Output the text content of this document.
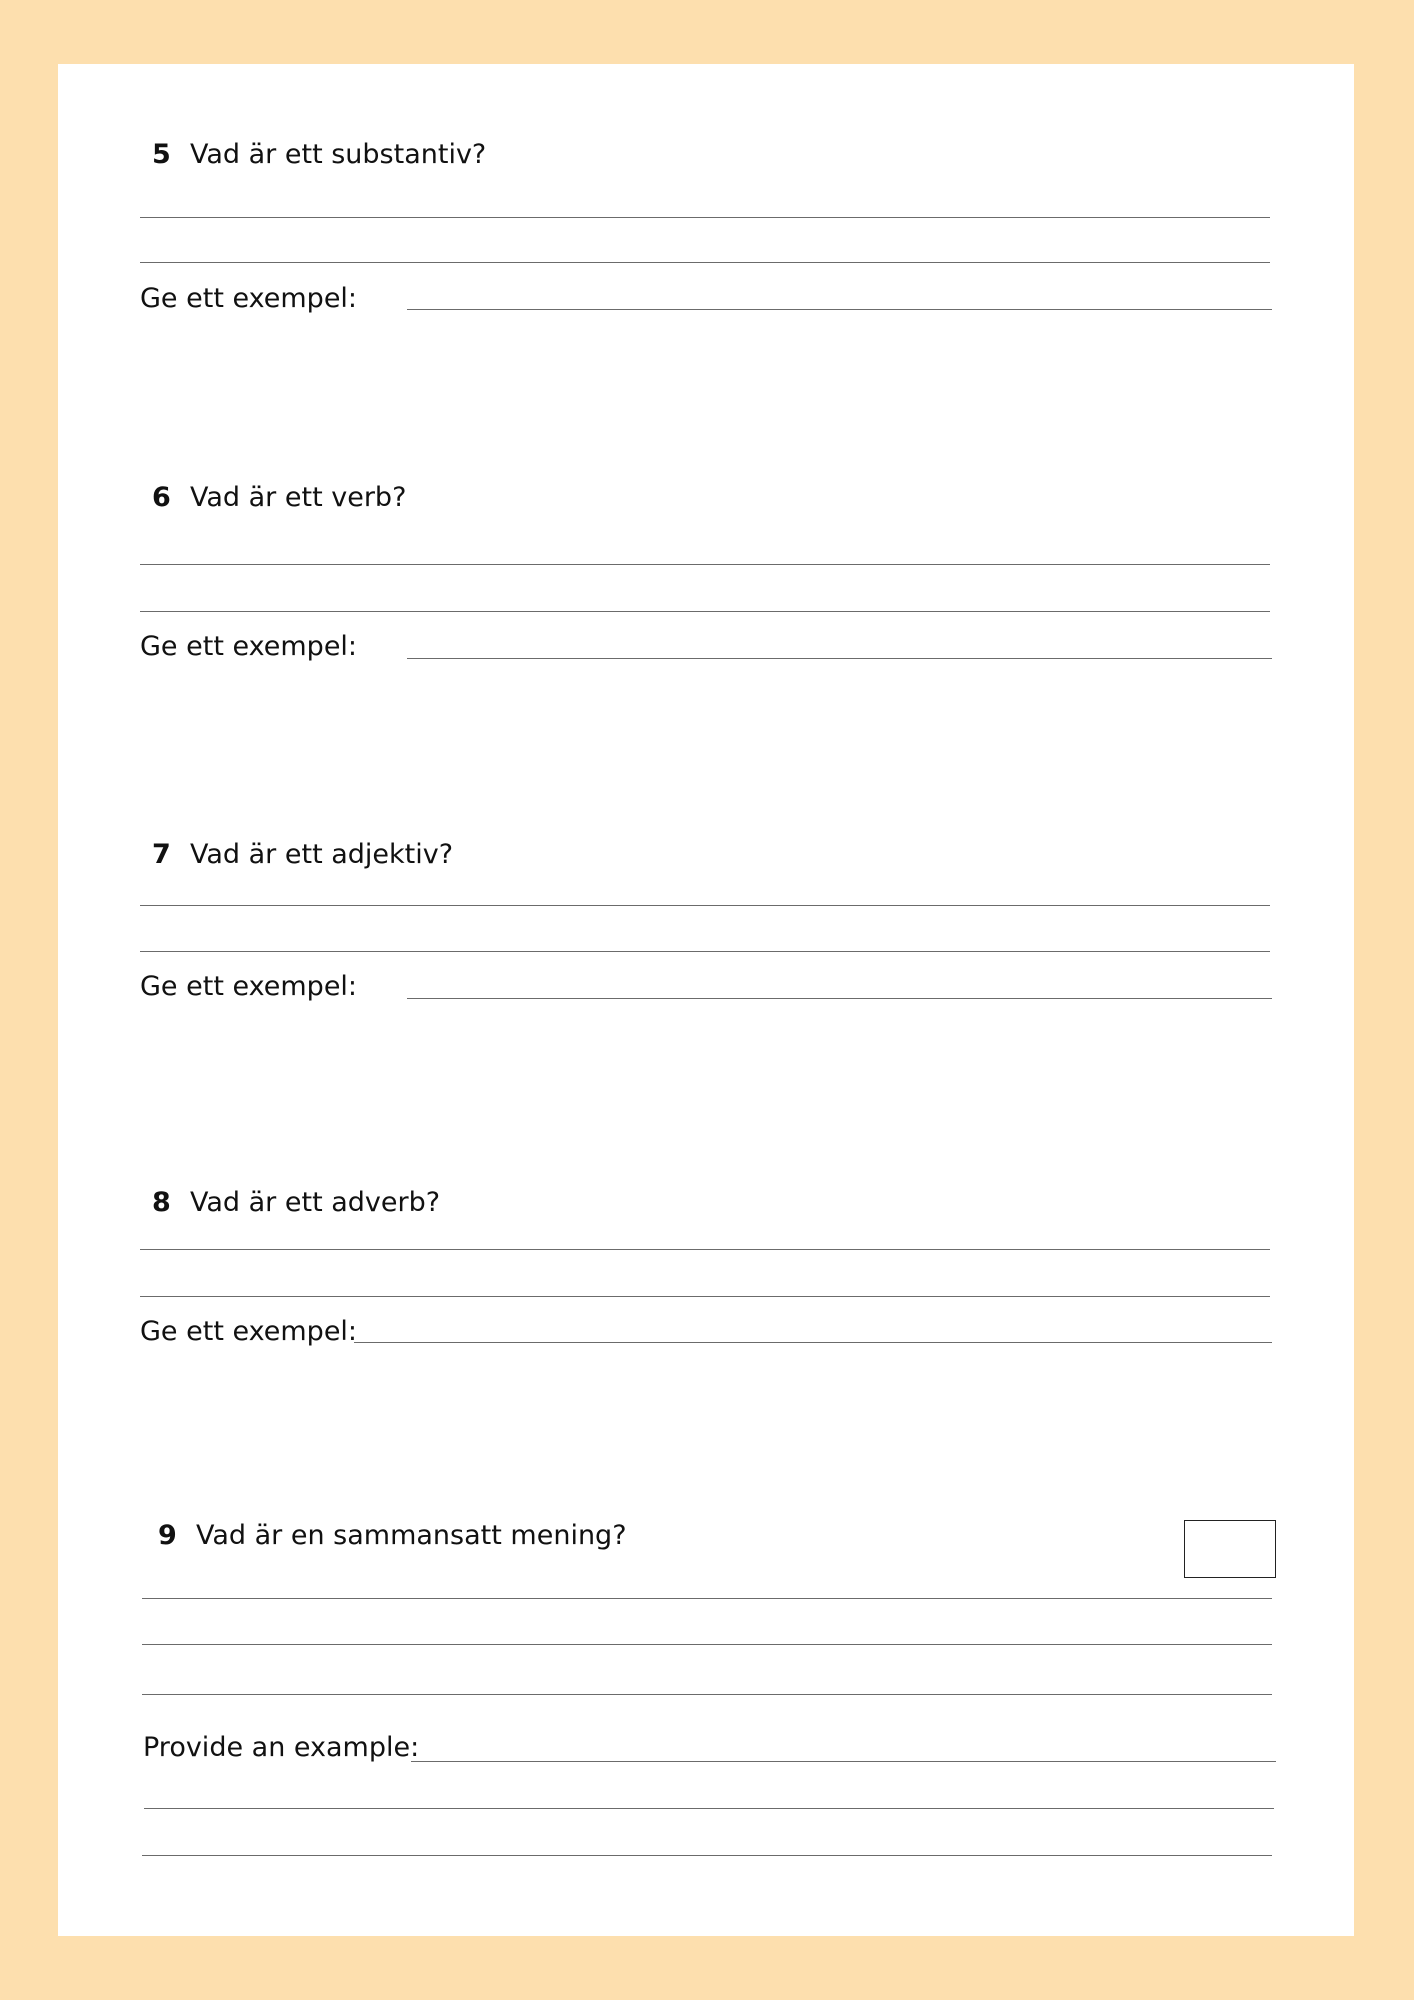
5 Vad är ett substantiv?
Ge ett exempel:
6 Vad är ett verb?
Ge ett exempel:
7 Vad är ett adjektiv?
Ge ett exempel:
8 Vad är ett adverb?
Ge ett exempel:
9 Vad är en sammansatt mening?
Provide an example:
